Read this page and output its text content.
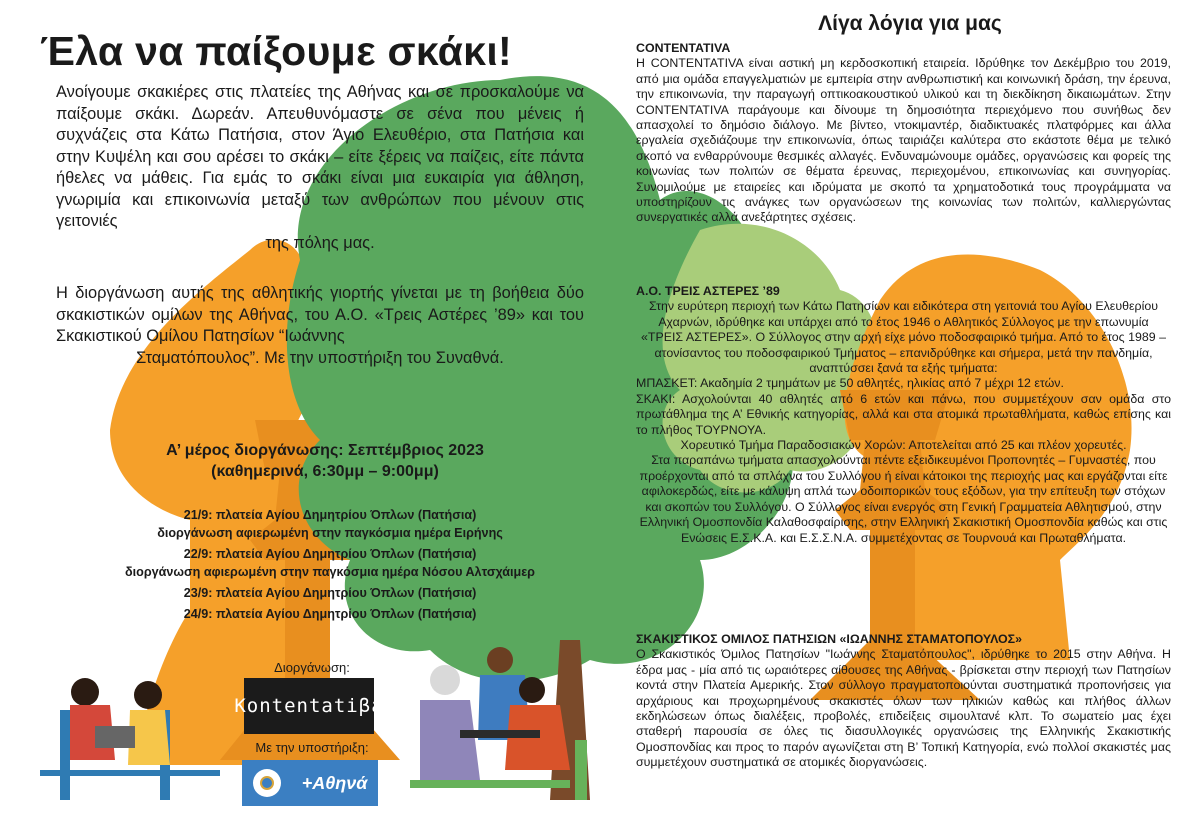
Έλα να παίξουμε σκάκι!

Ανοίγουμε σκακιέρες στις πλατείες της Αθήνας και σε προσκαλούμε να παίξουμε σκάκι. Δωρεάν. Απευθυνόμαστε σε σένα που μένεις ή συχνάζεις στα Κάτω Πατήσια, στον Άγιο Ελευθέριο, στα Πατήσια και στην Κυψέλη και σου αρέσει το σκάκι – είτε ξέρεις να παίζεις, είτε πάντα ήθελες να μάθεις. Για εμάς το σκάκι είναι μια ευκαιρία για άθληση, γνωριμία και επικοινωνία μεταξύ των ανθρώπων που μένουν στις γειτονιές
της πόλης μας.

Η διοργάνωση αυτής της αθλητικής γιορτής γίνεται με τη βοήθεια δύο σκακιστικών ομίλων της Αθήνας, του Α.Ο. «Τρεις Αστέρες ’89» και του Σκακιστικού Ομίλου Πατησίων “Ιωάννης
Σταματόπουλος”. Με την υποστήριξη του Συναθνά.

Α’ μέρος διοργάνωσης: Σεπτέμβριος 2023
(καθημερινά, 6:30μμ – 9:00μμ)
21/9: πλατεία Αγίου Δημητρίου Όπλων (Πατήσια)
διοργάνωση αφιερωμένη στην παγκόσμια ημέρα Ειρήνης
22/9: πλατεία Αγίου Δημητρίου Όπλων (Πατήσια)
διοργάνωση αφιερωμένη στην παγκόσμια ημέρα Νόσου Αλτσχάιμερ
23/9: πλατεία Αγίου Δημητρίου Όπλων (Πατήσια)
24/9: πλατεία Αγίου Δημητρίου Όπλων (Πατήσια)
Διοργάνωση:
Kontentatiβa
Με την υποστήριξη:
+Αθηνά
Λίγα λόγια για μας
CONTENTATIVA

Η CONTENTATIVA είναι αστική μη κερδοσκοπική εταιρεία. Ιδρύθηκε τον Δεκέμβριο του 2019, από μια ομάδα επαγγελματιών με εμπειρία στην ανθρωπιστική και κοινωνική δράση, την έρευνα, την επικοινωνία, την παραγωγή οπτικοακουστικού υλικού και τη διεκδίκηση δικαιωμάτων. Στην CONTENTATIVA παράγουμε και δίνουμε τη δημοσιότητα περιεχόμενο που συνήθως δεν απασχολεί το δημόσιο διάλογο. Με βίντεο, ντοκιμαντέρ, διαδικτυακές πλατφόρμες και άλλα εργαλεία σχεδιάζουμε την επικοινωνία, όπως ταιριάζει καλύτερα στο εκάστοτε θέμα με τελικό σκοπό να ενθαρρύνουμε θεσμικές αλλαγές. Ενδυναμώνουμε ομάδες, οργανώσεις και φορείς της κοινωνίας των πολιτών σε θέματα έρευνας, περιεχομένου, επικοινωνίας και συνηγορίας. Συνομιλούμε με εταιρείες και ιδρύματα με σκοπό τα χρηματοδοτικά τους προγράμματα να υποστηρίζουν τις ανάγκες των οργανώσεων της κοινωνίας των πολιτών, καλλιεργώντας συνεργατικές αλλά ανεξάρτητες σχέσεις.

Α.Ο. ΤΡΕΙΣ ΑΣΤΕΡΕΣ ’89

Στην ευρύτερη περιοχή των Κάτω Πατησίων και ειδικότερα στη γειτονιά του Αγίου Ελευθερίου Αχαρνών, ιδρύθηκε και υπάρχει από το έτος 1946 ο Αθλητικός Σύλλογος με την επωνυμία «ΤΡΕΙΣ ΑΣΤΕΡΕΣ». Ο Σύλλογος στην αρχή είχε μόνο ποδοσφαιρικό τμήμα. Από το έτος 1989 – ατονίσαντος του ποδοσφαιρικού Τμήματος – επανιδρύθηκε και σήμερα, μετά την πανδημία, αναπτύσσει ξανά τα εξής τμήματα:

ΜΠΑΣΚΕΤ: Ακαδημία 2 τμημάτων με 50 αθλητές, ηλικίας από 7 μέχρι 12 ετών.

ΣΚΑΚΙ: Ασχολούνται 40 αθλητές από 6 ετών και πάνω, που συμμετέχουν σαν ομάδα στο πρωτάθλημα της Α’ Εθνικής κατηγορίας, αλλά και στα ατομικά πρωταθλήματα, καθώς επίσης και το πλήθος ΤΟΥΡΝΟΥΑ.

Χορευτικό Τμήμα Παραδοσιακών Χορών: Αποτελείται από 25 και πλέον χορευτές.

Στα παραπάνω τμήματα απασχολούνται πέντε εξειδικευμένοι Προπονητές – Γυμναστές, που προέρχονται από τα σπλάχνα του Συλλόγου ή είναι κάτοικοι της περιοχής μας και εργάζονται είτε αφιλοκερδώς, είτε με κάλυψη απλά των οδοιπορικών τους εξόδων, για την επίτευξη των στόχων και σκοπών του Συλλόγου. Ο Σύλλογος είναι ενεργός στη Γενική Γραμματεία Αθλητισμού, στην Ελληνική Ομοσπονδία Καλαθοσφαίρισης, στην Ελληνική Σκακιστική Ομοσπονδία καθώς και στις Ενώσεις Ε.Σ.Κ.Α. και Ε.Σ.Σ.Ν.Α. συμμετέχοντας σε Τουρνουά και Πρωταθλήματα.

ΣΚΑΚΙΣΤΙΚΟΣ ΟΜΙΛΟΣ ΠΑΤΗΣΙΩΝ «ΙΩΑΝΝΗΣ ΣΤΑΜΑΤΟΠΟΥΛΟΣ»

Ο Σκακιστικός Όμιλος Πατησίων "Ιωάννης Σταματόπουλος", ιδρύθηκε το 2015 στην Αθήνα. Η έδρα μας - μία από τις ωραιότερες αίθουσες της Αθήνας - βρίσκεται στην περιοχή των Πατησίων κοντά στην Πλατεία Αμερικής. Στον σύλλογο πραγματοποιούνται συστηματικά προπονήσεις για αρχάριους και προχωρημένους σκακιστές όλων των ηλικιών καθώς και πλήθος άλλων εκδηλώσεων όπως διαλέξεις, προβολές, επιδείξεις σιμουλτανέ κλπ. Το σωματείο μας έχει σταθερή παρουσία σε όλες τις διασυλλογικές οργανώσεις της Ελληνικής Σκακιστικής Ομοσπονδίας και προς το παρόν αγωνίζεται στη Β’ Τοπική Κατηγορία, ενώ πολλοί σκακιστές μας συμμετέχουν συστηματικά σε ατομικές διοργανώσεις.
